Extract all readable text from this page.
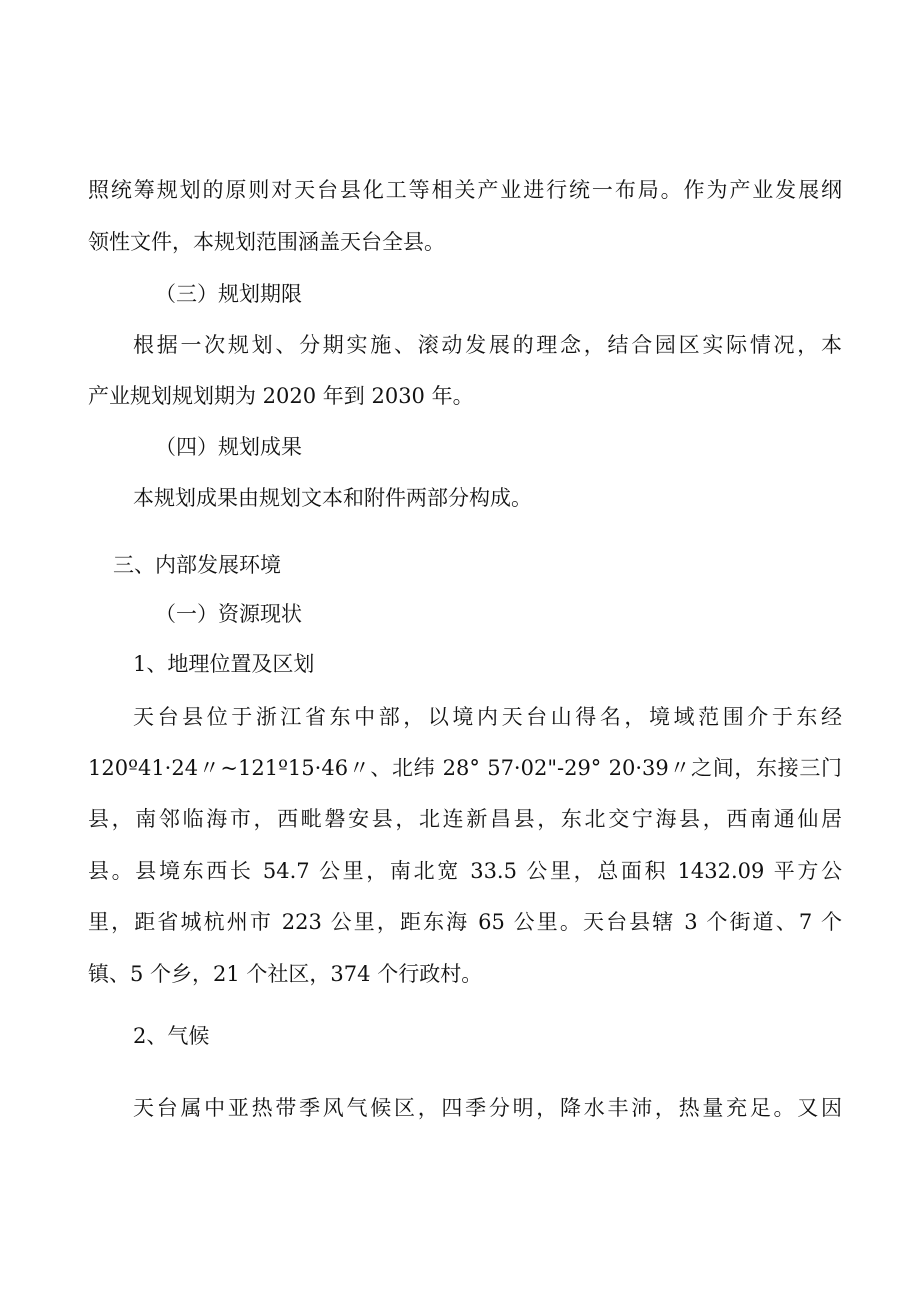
照统筹规划的原则对天台县化工等相关产业进行统一布局。作为产业发展纲
领性文件，本规划范围涵盖天台全县。
（三）规划期限
根据一次规划、分期实施、滚动发展的理念，结合园区实际情况，本
产业规划规划期为 2020 年到 2030 年。
（四）规划成果
本规划成果由规划文本和附件两部分构成。
三、内部发展环境
（一）资源现状
1、地理位置及区划
天台县位于浙江省东中部，以境内天台山得名，境域范围介于东经
120º41·24〃~121º15·46〃、北纬 28° 57·02"-29° 20·39〃之间，东接三门
县，南邻临海市，西毗磐安县，北连新昌县，东北交宁海县，西南通仙居
县。县境东西长 54.7 公里，南北宽 33.5 公里，总面积 1432.09 平方公
里，距省城杭州市 223 公里，距东海 65 公里。天台县辖 3 个街道、7 个
镇、5 个乡，21 个社区，374 个行政村。
2、气候
天台属中亚热带季风气候区，四季分明，降水丰沛，热量充足。又因
